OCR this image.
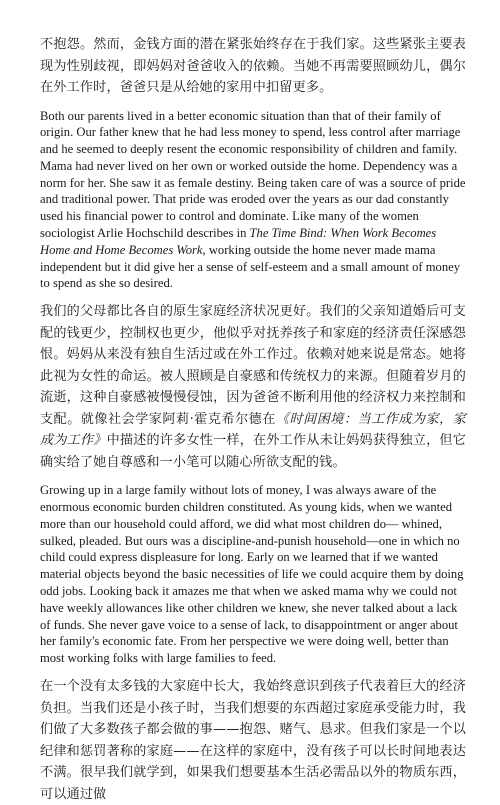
不抱怨。然而，金钱方面的潜在紧张始终存在于我们家。这些紧张主要表现为性别歧视，即妈妈对爸爸收入的依赖。当她不再需要照顾幼儿，偶尔在外工作时，爸爸只是从给她的家用中扣留更多。

Both our parents lived in a better economic situation than that of their family of origin. Our father knew that he had less money to spend, less control after marriage and he seemed to deeply resent the economic responsibility of children and family. Mama had never lived on her own or worked outside the home. Dependency was a norm for her. She saw it as female destiny. Being taken care of was a source of pride and traditional power. That pride was eroded over the years as our dad constantly used his financial power to control and dominate. Like many of the women sociologist Arlie Hochschild describes in The Time Bind: When Work Becomes Home and Home Becomes Work, working outside the home never made mama independent but it did give her a sense of self-esteem and a small amount of money to spend as she so desired.

我们的父母都比各自的原生家庭经济状况更好。我们的父亲知道婚后可支配的钱更少，控制权也更少，他似乎对抚养孩子和家庭的经济责任深感怨恨。妈妈从来没有独自生活过或在外工作过。依赖对她来说是常态。她将此视为女性的命运。被人照顾是自豪感和传统权力的来源。但随着岁月的流逝，这种自豪感被慢慢侵蚀，因为爸爸不断利用他的经济权力来控制和支配。就像社会学家阿莉·霍克希尔德在《时间困境：当工作成为家，家成为工作》中描述的许多女性一样，在外工作从未让妈妈获得独立，但它确实给了她自尊感和一小笔可以随心所欲支配的钱。

Growing up in a large family without lots of money, I was always aware of the enormous economic burden children constituted. As young kids, when we wanted more than our household could afford, we did what most children do— whined, sulked, pleaded. But ours was a discipline-and-punish household—one in which no child could express displeasure for long. Early on we learned that if we wanted material objects beyond the basic necessities of life we could acquire them by doing odd jobs. Looking back it amazes me that when we asked mama why we could not have weekly allowances like other children we knew, she never talked about a lack of funds. She never gave voice to a sense of lack, to disappointment or anger about her family's economic fate. From her perspective we were doing well, better than most working folks with large families to feed.

在一个没有太多钱的大家庭中长大，我始终意识到孩子代表着巨大的经济负担。当我们还是小孩子时，当我们想要的东西超过家庭承受能力时，我们做了大多数孩子都会做的事——抱怨、赌气、恳求。但我们家是一个以纪律和惩罚著称的家庭——在这样的家庭中，没有孩子可以长时间地表达不满。很早我们就学到，如果我们想要基本生活必需品以外的物质东西，可以通过做
